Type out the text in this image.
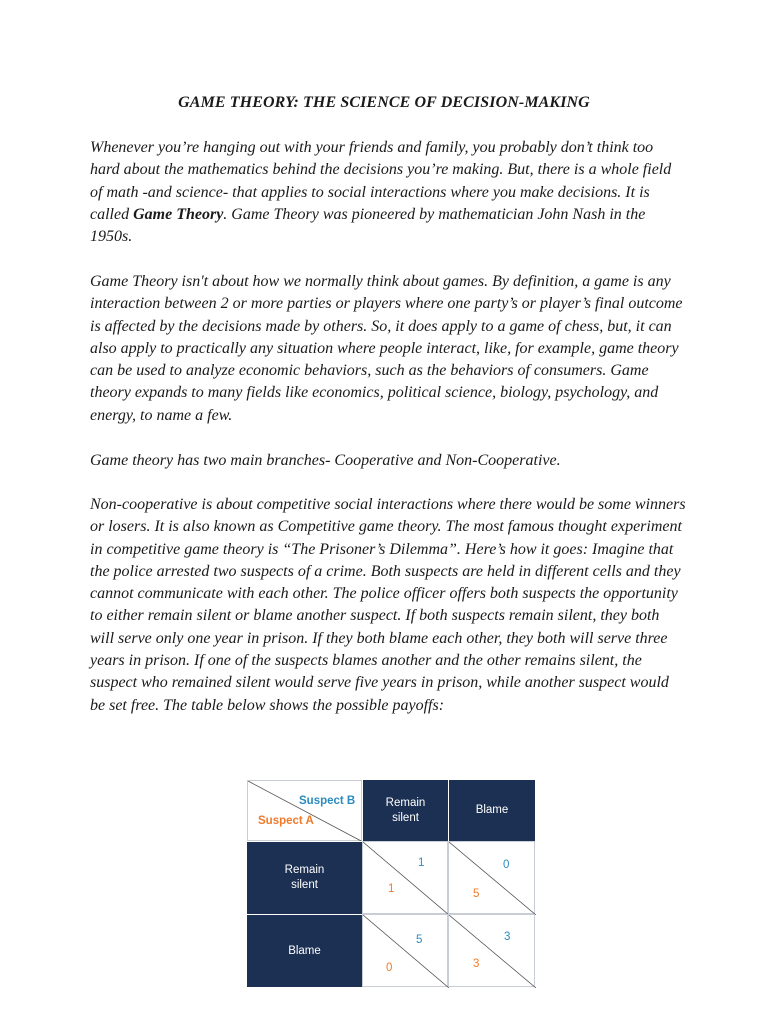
GAME THEORY: THE SCIENCE OF DECISION-MAKING

Whenever you’re hanging out with your friends and family, you probably don’t think too hard about the mathematics behind the decisions you’re making. But, there is a whole field of math -and science- that applies to social interactions where you make decisions. It is called Game Theory. Game Theory was pioneered by mathematician John Nash in the 1950s.

Game Theory isn't about how we normally think about games. By definition, a game is any interaction between 2 or more parties or players where one party’s or player’s final outcome is affected by the decisions made by others. So, it does apply to a game of chess, but, it can also apply to practically any situation where people interact, like, for example, game theory can be used to analyze economic behaviors, such as the behaviors of consumers. Game theory expands to many fields like economics, political science, biology, psychology, and energy, to name a few.

Game theory has two main branches- Cooperative and Non-Cooperative.

Non-cooperative is about competitive social interactions where there would be some winners or losers. It is also known as Competitive game theory. The most famous thought experiment in competitive game theory is “The Prisoner’s Dilemma”. Here’s how it goes: Imagine that the police arrested two suspects of a crime. Both suspects are held in different cells and they cannot communicate with each other. The police officer offers both suspects the opportunity to either remain silent or blame another suspect. If both suspects remain silent, they both will serve only one year in prison. If they both blame each other, they both will serve three years in prison. If one of the suspects blames another and the other remains silent, the suspect who remained silent would serve five years in prison, while another suspect would be set free. The table below shows the possible payoffs:

Suspect B
Suspect A
Remain silent
Blame
Remain silent
Blame
1
1
0
5
5
0
3
3
